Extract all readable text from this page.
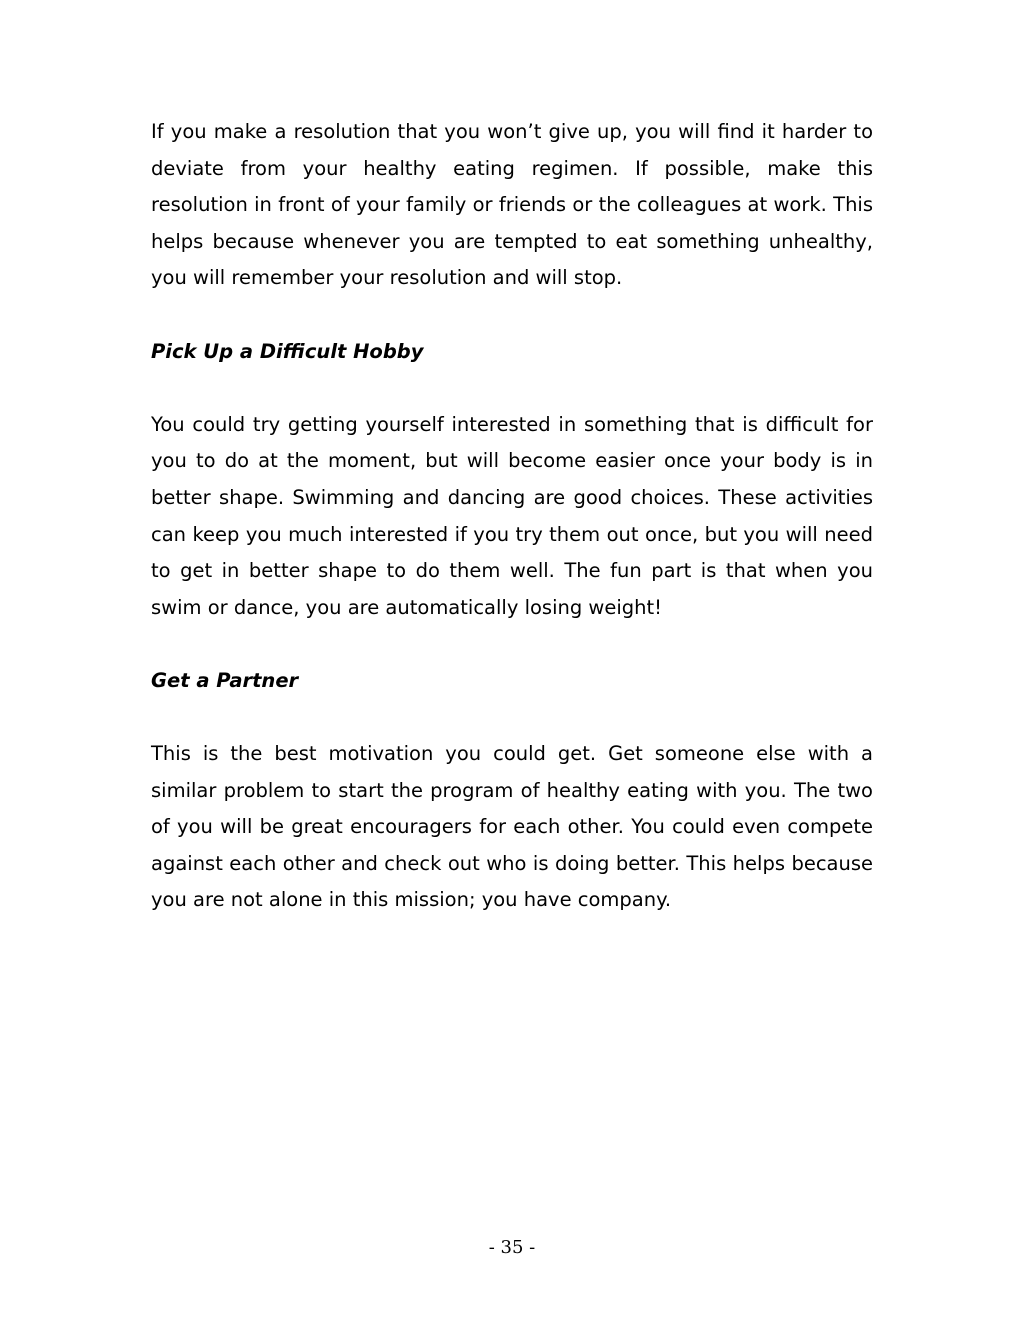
If you make a resolution that you won’t give up, you will find it harder to deviate from your healthy eating regimen. If possible, make this resolution in front of your family or friends or the colleagues at work. This helps because whenever you are tempted to eat something unhealthy, you will remember your resolution and will stop.

Pick Up a Difficult Hobby

You could try getting yourself interested in something that is difficult for you to do at the moment, but will become easier once your body is in better shape. Swimming and dancing are good choices. These activities can keep you much interested if you try them out once, but you will need to get in better shape to do them well. The fun part is that when you swim or dance, you are automatically losing weight!

Get a Partner

This is the best motivation you could get. Get someone else with a similar problem to start the program of healthy eating with you. The two of you will be great encouragers for each other. You could even compete against each other and check out who is doing better. This helps because you are not alone in this mission; you have company.

- 35 -
